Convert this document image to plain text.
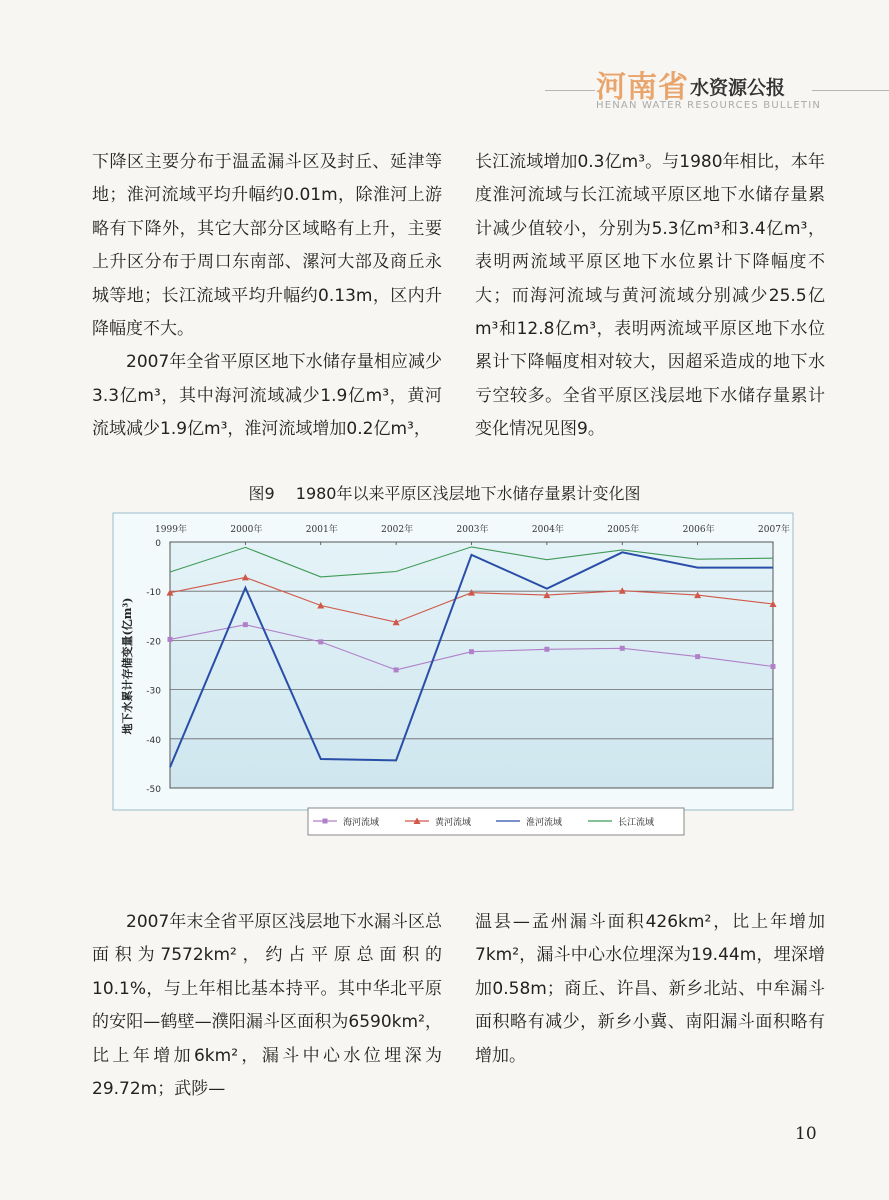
河南省 水资源公报
HENAN WATER RESOURCES BULLETIN

下降区主要分布于温孟漏斗区及封丘、延津等地；淮河流域平均升幅约0.01m，除淮河上游略有下降外，其它大部分区域略有上升，主要上升区分布于周口东南部、漯河大部及商丘永城等地；长江流域平均升幅约0.13m，区内升降幅度不大。

2007年全省平原区地下水储存量相应减少3.3亿m³，其中海河流域减少1.9亿m³，黄河流域减少1.9亿m³，淮河流域增加0.2亿m³，

长江流域增加0.3亿m³。与1980年相比，本年度淮河流域与长江流域平原区地下水储存量累计减少值较小，分别为5.3亿m³和3.4亿m³，表明两流域平原区地下水位累计下降幅度不大；而海河流域与黄河流域分别减少25.5亿m³和12.8亿m³，表明两流域平原区地下水位累计下降幅度相对较大，因超采造成的地下水亏空较多。全省平原区浅层地下水储存量累计变化情况见图9。

图9 1980年以来平原区浅层地下水储存量累计变化图
1999年	2000年	2001年	2002年	2003年	2004年	2005年	2006年	2007年
0
-10
-20
-30
-40
-50
地下水累计存储变量(亿m³)
海河流域	黄河流域	淮河流域	长江流域

2007年末全省平原区浅层地下水漏斗区总面积为7572km²，约占平原总面积的10.1%，与上年相比基本持平。其中华北平原的安阳—鹤壁—濮阳漏斗区面积为6590km²，比上年增加6km²，漏斗中心水位埋深为29.72m；武陟—

温县—孟州漏斗面积426km²，比上年增加7km²，漏斗中心水位埋深为19.44m，埋深增加0.58m；商丘、许昌、新乡北站、中牟漏斗面积略有减少，新乡小冀、南阳漏斗面积略有增加。

10
